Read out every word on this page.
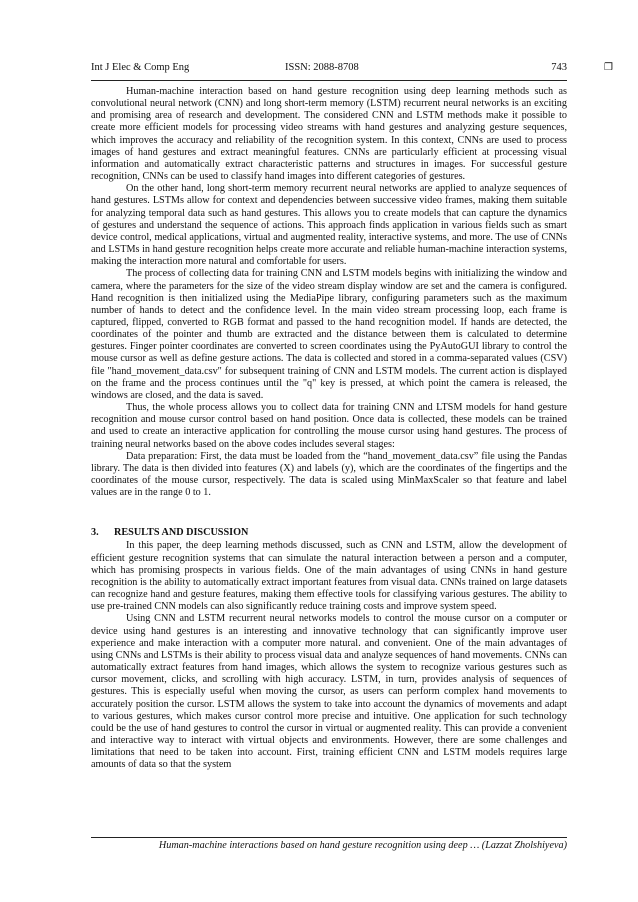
Int J Elec & Comp Eng	ISSN: 2088-8708	❒
743

Human-machine interaction based on hand gesture recognition using deep learning methods such as convolutional neural network (CNN) and long short-term memory (LSTM) recurrent neural networks is an exciting and promising area of research and development. The considered CNN and LSTM methods make it possible to create more efficient models for processing video streams with hand gestures and analyzing gesture sequences, which improves the accuracy and reliability of the recognition system. In this context, CNNs are used to process images of hand gestures and extract meaningful features. CNNs are particularly efficient at processing visual information and automatically extract characteristic patterns and structures in images. For successful gesture recognition, CNNs can be used to classify hand images into different categories of gestures.

On the other hand, long short-term memory recurrent neural networks are applied to analyze sequences of hand gestures. LSTMs allow for context and dependencies between successive video frames, making them suitable for analyzing temporal data such as hand gestures. This allows you to create models that can capture the dynamics of gestures and understand the sequence of actions. This approach finds application in various fields such as smart device control, medical applications, virtual and augmented reality, interactive systems, and more. The use of CNNs and LSTMs in hand gesture recognition helps create more accurate and reliable human-machine interaction systems, making the interaction more natural and comfortable for users.

The process of collecting data for training CNN and LSTM models begins with initializing the window and camera, where the parameters for the size of the video stream display window are set and the camera is configured. Hand recognition is then initialized using the MediaPipe library, configuring parameters such as the maximum number of hands to detect and the confidence level. In the main video stream processing loop, each frame is captured, flipped, converted to RGB format and passed to the hand recognition model. If hands are detected, the coordinates of the pointer and thumb are extracted and the distance between them is calculated to determine gestures. Finger pointer coordinates are converted to screen coordinates using the PyAutoGUI library to control the mouse cursor as well as define gesture actions. The data is collected and stored in a comma-separated values (CSV) file "hand_movement_data.csv" for subsequent training of CNN and LSTM models. The current action is displayed on the frame and the process continues until the "q" key is pressed, at which point the camera is released, the windows are closed, and the data is saved.

Thus, the whole process allows you to collect data for training CNN and LTSM models for hand gesture recognition and mouse cursor control based on hand position. Once data is collected, these models can be trained and used to create an interactive application for controlling the mouse cursor using hand gestures. The process of training neural networks based on the above codes includes several stages:

Data preparation: First, the data must be loaded from the “hand_movement_data.csv” file using the Pandas library. The data is then divided into features (X) and labels (y), which are the coordinates of the fingertips and the coordinates of the mouse cursor, respectively. The data is scaled using MinMaxScaler so that feature and label values are in the range 0 to 1.

3. RESULTS AND DISCUSSION

In this paper, the deep learning methods discussed, such as CNN and LSTM, allow the development of efficient gesture recognition systems that can simulate the natural interaction between a person and a computer, which has promising prospects in various fields. One of the main advantages of using CNNs in hand gesture recognition is the ability to automatically extract important features from visual data. CNNs trained on large datasets can recognize hand and gesture features, making them effective tools for classifying various gestures. The ability to use pre-trained CNN models can also significantly reduce training costs and improve system speed.

Using CNN and LSTM recurrent neural networks models to control the mouse cursor on a computer or device using hand gestures is an interesting and innovative technology that can significantly improve user experience and make interaction with a computer more natural. and convenient. One of the main advantages of using CNNs and LSTMs is their ability to process visual data and analyze sequences of hand movements. CNNs can automatically extract features from hand images, which allows the system to recognize various gestures such as cursor movement, clicks, and scrolling with high accuracy. LSTM, in turn, provides analysis of sequences of gestures. This is especially useful when moving the cursor, as users can perform complex hand movements to accurately position the cursor. LSTM allows the system to take into account the dynamics of movements and adapt to various gestures, which makes cursor control more precise and intuitive. One application for such technology could be the use of hand gestures to control the cursor in virtual or augmented reality. This can provide a convenient and interactive way to interact with virtual objects and environments. However, there are some challenges and limitations that need to be taken into account. First, training efficient CNN and LSTM models requires large amounts of data so that the system

Human-machine interactions based on hand gesture recognition using deep … (Lazzat Zholshiyeva)
